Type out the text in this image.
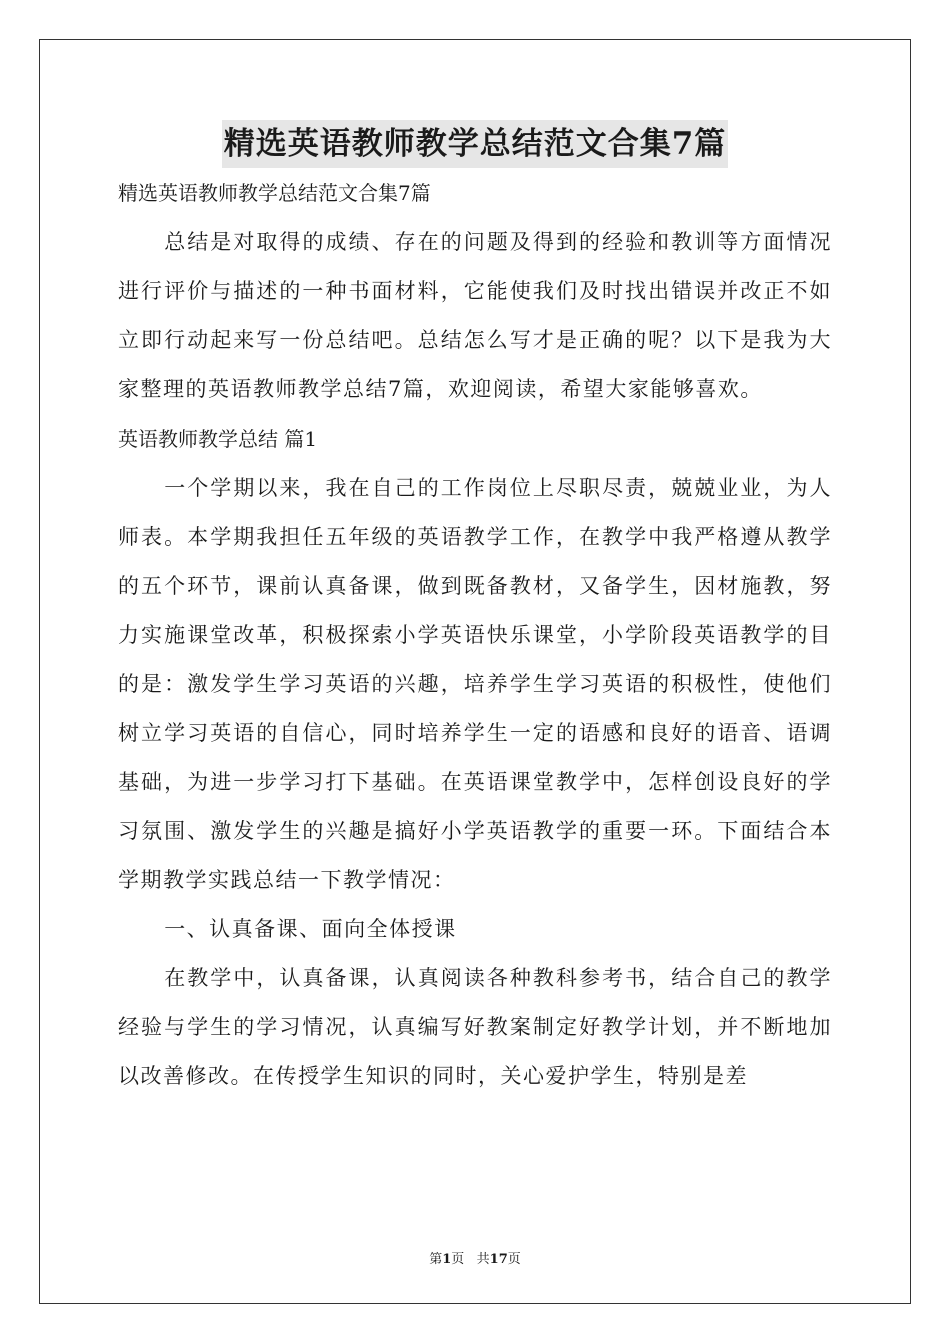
精选英语教师教学总结范文合集7篇
精选英语教师教学总结范文合集7篇

总结是对取得的成绩、存在的问题及得到的经验和教训等方面情况进行评价与描述的一种书面材料，它能使我们及时找出错误并改正不如立即行动起来写一份总结吧。总结怎么写才是正确的呢？以下是我为大家整理的英语教师教学总结7篇，欢迎阅读，希望大家能够喜欢。

英语教师教学总结 篇1

一个学期以来，我在自己的工作岗位上尽职尽责，兢兢业业，为人师表。本学期我担任五年级的英语教学工作，在教学中我严格遵从教学的五个环节，课前认真备课，做到既备教材，又备学生，因材施教，努力实施课堂改革，积极探索小学英语快乐课堂，小学阶段英语教学的目的是：激发学生学习英语的兴趣，培养学生学习英语的积极性，使他们树立学习英语的自信心，同时培养学生一定的语感和良好的语音、语调基础，为进一步学习打下基础。在英语课堂教学中，怎样创设良好的学习氛围、激发学生的兴趣是搞好小学英语教学的重要一环。下面结合本学期教学实践总结一下教学情况：

一、认真备课、面向全体授课

在教学中，认真备课，认真阅读各种教科参考书，结合自己的教学经验与学生的学习情况，认真编写好教案制定好教学计划，并不断地加以改善修改。在传授学生知识的同时，关心爱护学生，特别是差

第1页   共17页
